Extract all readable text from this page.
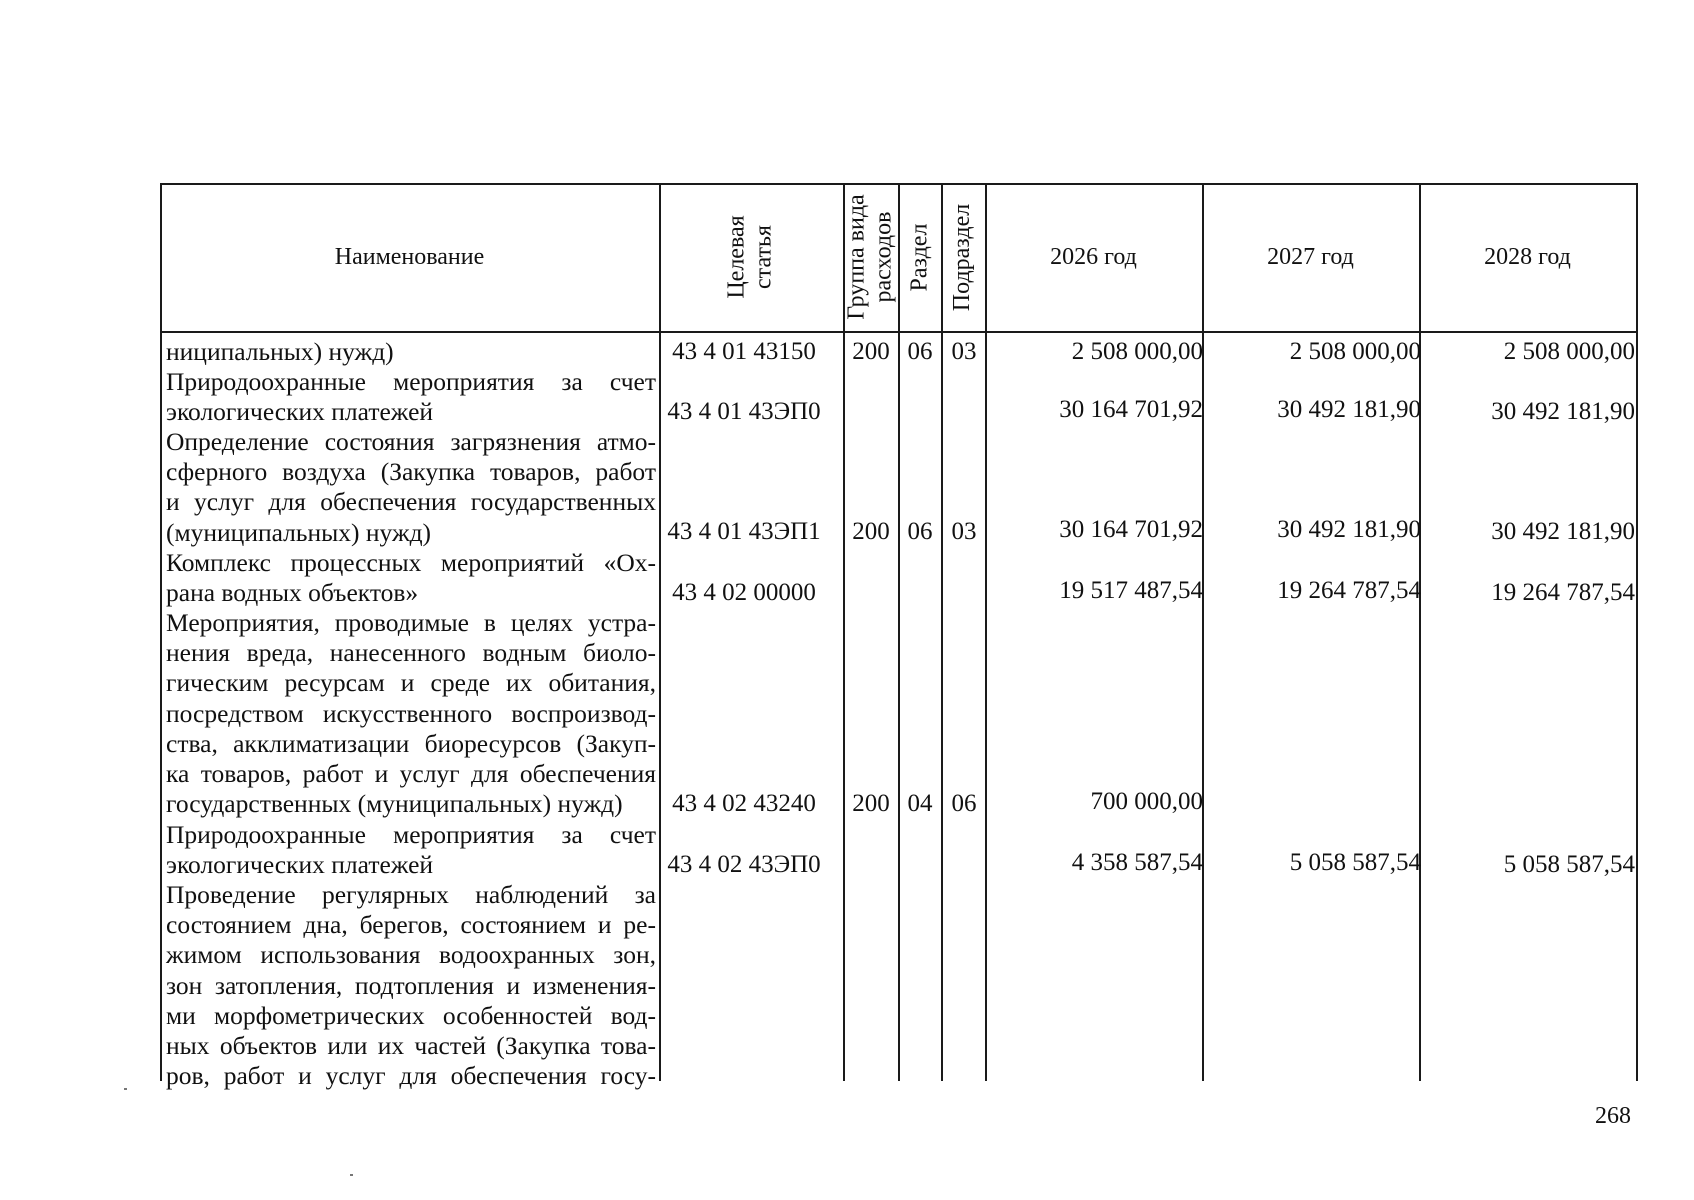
Наименование	Целевая статья	Группа вида расходов Раздел Подраздел	2026 год	2027 год	2028 год
ниципальных) нужд)	43 4 01 43150	200 06 03	2 508 000,00	2 508 000,00	2 508 000,00
Природоохранные мероприятия за счет
экологических платежей	43 4 01 43ЭП0	30 164 701,92	30 492 181,90	30 492 181,90
Определение состояния загрязнения атмо-
сферного воздуха (Закупка товаров, работ
и услуг для обеспечения государственных
(муниципальных) нужд)	43 4 01 43ЭП1	200 06 03	30 164 701,92	30 492 181,90	30 492 181,90
Комплекс процессных мероприятий «Ох-
рана водных объектов»	43 4 02 00000	19 517 487,54	19 264 787,54	19 264 787,54
Мероприятия, проводимые в целях устра-
нения вреда, нанесенного водным биоло-
гическим ресурсам и среде их обитания,
посредством искусственного воспроизвод-
ства, акклиматизации биоресурсов (Закуп-
ка товаров, работ и услуг для обеспечения
государственных (муниципальных) нужд)	43 4 02 43240	200 04 06	700 000,00
Природоохранные мероприятия за счет
экологических платежей	43 4 02 43ЭП0	4 358 587,54	5 058 587,54	5 058 587,54
Проведение регулярных наблюдений за
состоянием дна, берегов, состоянием и ре-
жимом использования водоохранных зон,
зон затопления, подтопления и изменения-
ми морфометрических особенностей вод-
ных объектов или их частей (Закупка това-
ров, работ и услуг для обеспечения госу-
268
